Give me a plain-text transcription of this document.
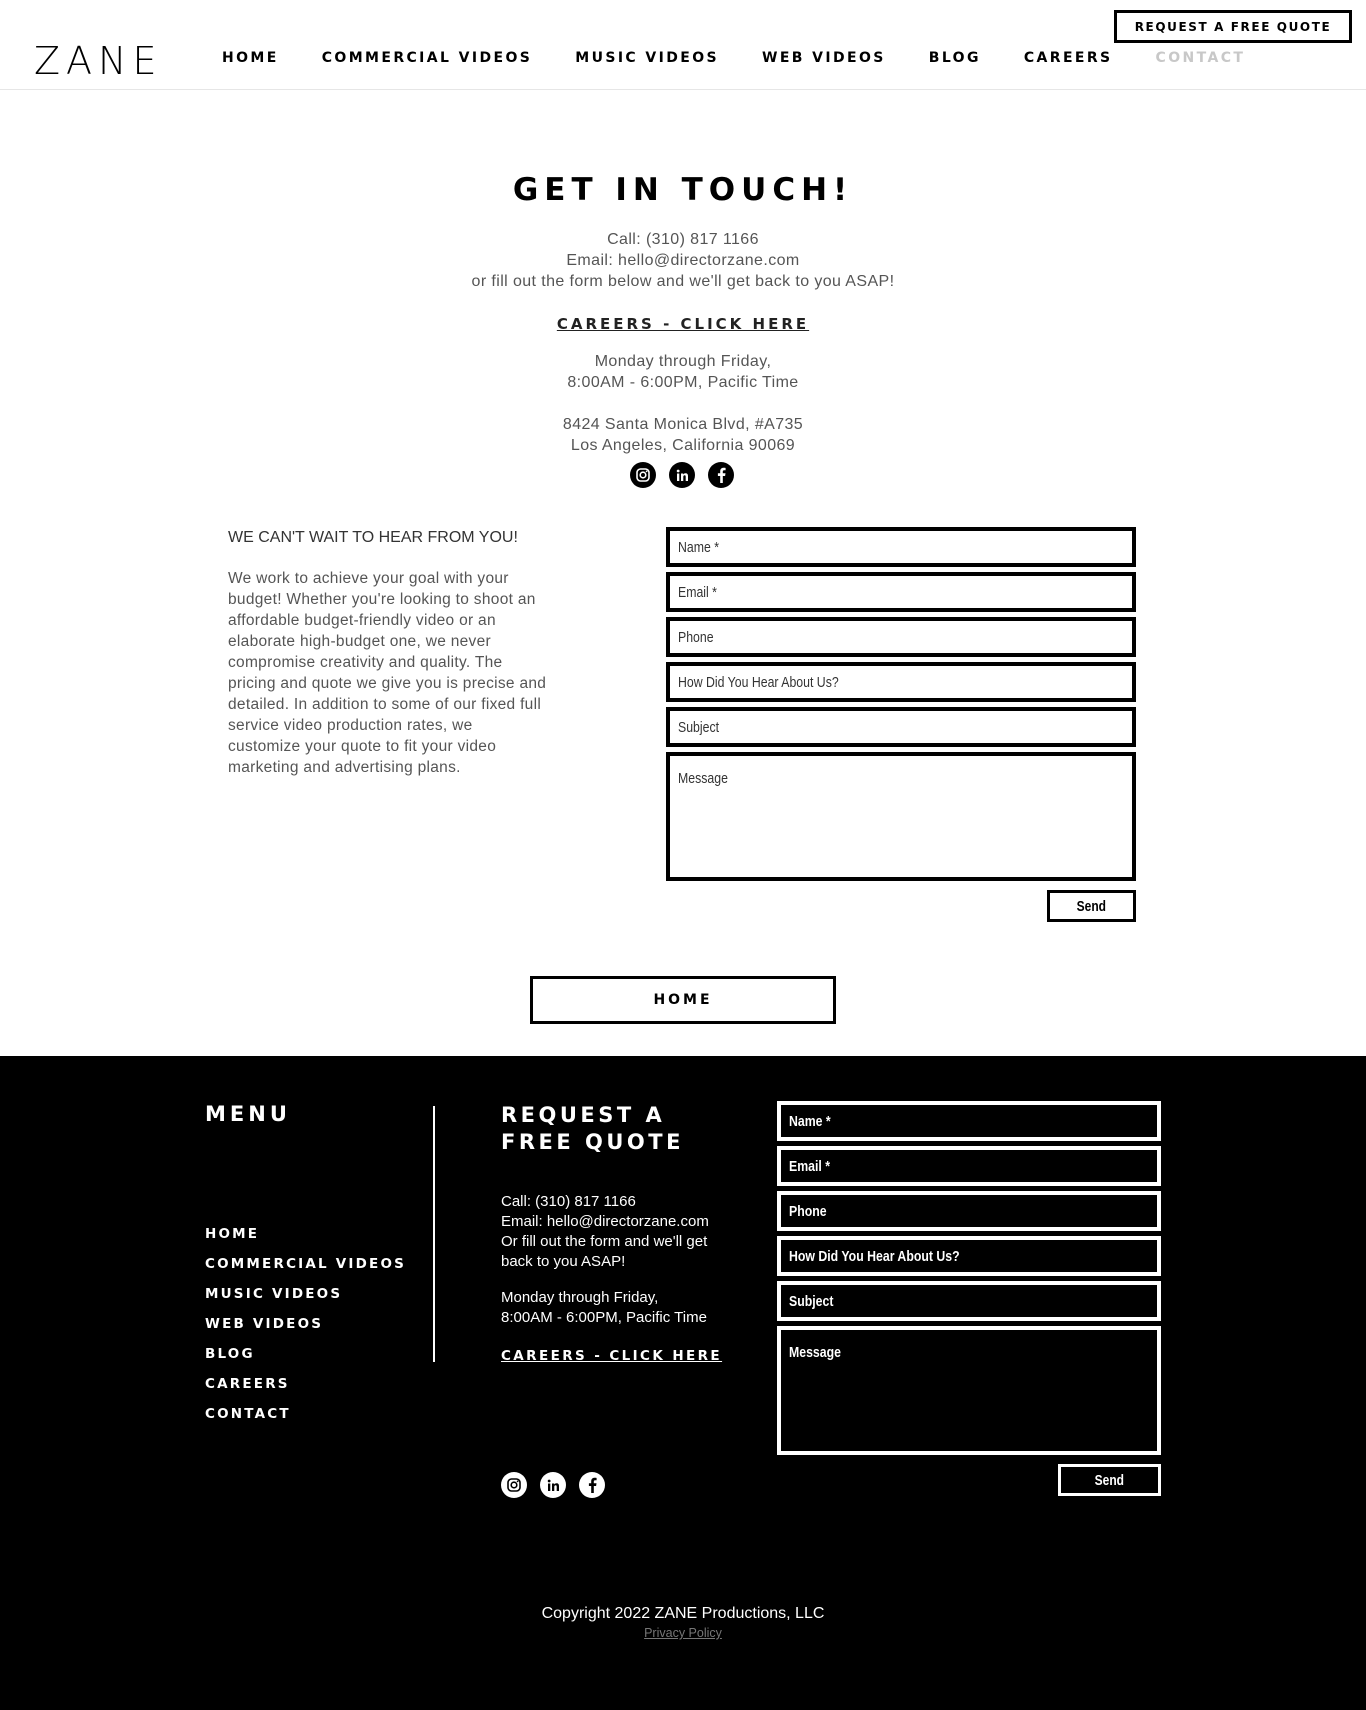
ZANE	HOME	COMMERCIAL VIDEOS	MUSIC VIDEOS	WEB VIDEOS	BLOG	CAREERS	CONTACT
REQUEST A FREE QUOTE
GET IN TOUCH!
Call: (310) 817 1166
Email: hello@directorzane.com
or fill out the form below and we'll get back to you ASAP!
CAREERS - CLICK HERE
Monday through Friday,
8:00AM - 6:00PM, Pacific Time
8424 Santa Monica Blvd, #A735
Los Angeles, California 90069
WE CAN'T WAIT TO HEAR FROM YOU!
We work to achieve your goal with your budget! Whether you're looking to shoot an affordable budget-friendly video or an elaborate high-budget one, we never compromise creativity and quality. The pricing and quote we give you is precise and detailed. In addition to some of our fixed full service video production rates, we customize your quote to fit your video marketing and advertising plans.
Name *
Email *
Phone
How Did You Hear About Us?
Subject
Message
Send
HOME
MENU
HOME
COMMERCIAL VIDEOS
MUSIC VIDEOS
WEB VIDEOS
BLOG
CAREERS
CONTACT
REQUEST A FREE QUOTE
Call: (310) 817 1166
Email: hello@directorzane.com
Or fill out the form and we'll get back to you ASAP!
Monday through Friday,
8:00AM - 6:00PM, Pacific Time
CAREERS - CLICK HERE
Name *
Email *
Phone
How Did You Hear About Us?
Subject
Message
Send
Copyright 2022 ZANE Productions, LLC
Privacy Policy
